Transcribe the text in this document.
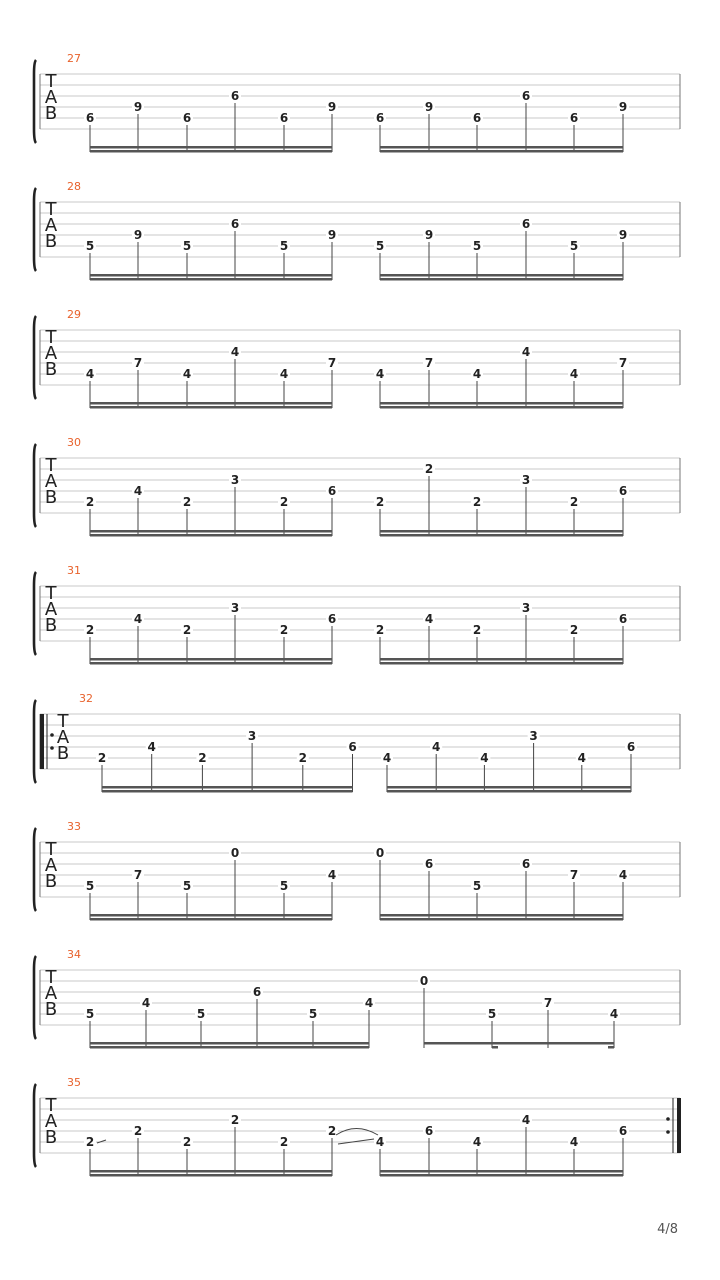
27
T
A
B 6
9
6
6
6
9
6
9
6
6
6
9
28
T
A
B 5
9
5
6
5
9
5
9
5
6
5
9
29
T
A
B 4
7
4
4
4
7
4
7
4
4
4
7
30
T
A
B 2
4
2
3
2
6
2
2
2
3
2
6
31
T
A
B 2
4
2
3
2
6
2
4
2
3
2
6
32
T
A
B 2
4
2
3
2
6
4
4
4
3
4
6
33
T
A
B 5
7
5
0
5
4
0
6
5
6
7	4
34
T
A
B 5
4
5
6
5
4
0
5
7
4
35
T
A
B 2
2
2
2
2
2
4
6
4
4
4
6
4/8
